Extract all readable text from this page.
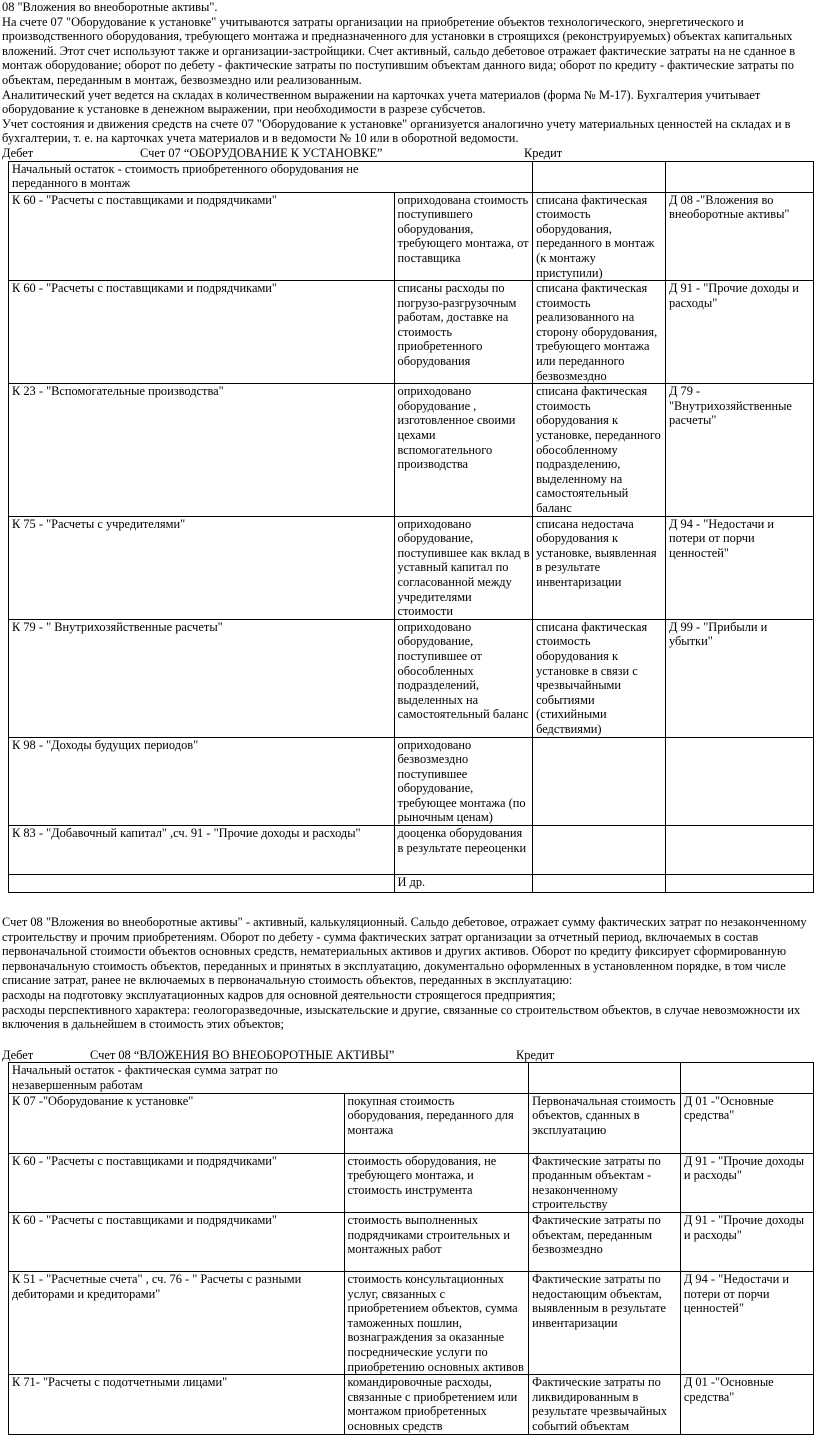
08 "Вложения во внеоборотные активы".

На счете 07 "Оборудование к установке" учитываются затраты организации на приобретение объектов технологического, энергетического и производственного оборудования, требующего монтажа и предназначенного для установки в строящихся (реконструируемых) объектах капитальных вложений. Этот счет используют также и организации-застройщики. Счет активный, сальдо дебетовое отражает фактические затраты на не сданное в монтаж оборудование; оборот по дебету - фактические затраты по поступившим объектам данного вида; оборот по кредиту - фактические затраты по объектам, переданным в монтаж, безвозмездно или реализованным.

Аналитический учет ведется на складах в количественном выражении на карточках учета материалов (форма № М-17). Бухгалтерия учитывает оборудование к установке в денежном выражении, при необходимости в разрезе субсчетов.

Учет состояния и движения средств на счете 07 "Оборудование к установке" организуется аналогично учету материальных ценностей на складах и в бухгалтерии, т. е. на карточках учета материалов и в ведомости № 10 или в оборотной ведомости.

Дебет	Счет 07 “ОБОРУДОВАНИЕ К УСТАНОВКЕ”	Кредит
Начальный остаток - стоимость приобретенного оборудования не переданного в монтаж			

К 60 - "Расчеты с поставщиками и подрядчиками"	оприходована стоимость поступившего оборудования, требующего монтажа, от поставщика	списана фактическая стоимость оборудования, переданного в монтаж (к монтажу приступили)	Д 08 -"Вложения во внеоборотные активы"
К 60 - "Расчеты с поставщиками и подрядчиками"	списаны расходы по погрузо-разгрузочным работам, доставке на стоимость приобретенного оборудования	списана фактическая стоимость реализованного на сторону оборудования, требующего монтажа или переданного безвозмездно	Д 91 - "Прочие доходы и расходы"
К 23 - "Вспомогательные производства"	оприходовано оборудование , изготовленное своими цехами вспомогательного производства	списана фактическая стоимость оборудования к установке, переданного обособленному подразделению, выделенному на самостоятельный баланс	Д 79 - "Внутрихозяйственные расчеты"
К 75 - "Расчеты с учредителями"	оприходовано оборудование, поступившее как вклад в уставный капитал по согласованной между учредителями стоимости	списана недостача оборудования к установке, выявленная в результате инвентаризации	Д 94 - "Недостачи и потери от порчи ценностей"
К 79 - " Внутрихозяйственные расчеты"	оприходовано оборудование, поступившее от обособленных подразделений, выделенных на самостоятельный баланс	списана фактическая стоимость оборудования к установке в связи с чрезвычайными событиями (стихийными бедствиями)	Д 99 - "Прибыли и убытки"
К 98 - "Доходы будущих периодов"	оприходовано безвозмездно поступившее оборудование, требующее монтажа (по рыночным ценам)		
К 83 - "Добавочный капитал" ,сч. 91 - "Прочие доходы и расходы"	дооценка оборудования в результате переоценки		
	И др.		

Счет 08 "Вложения во внеоборотные активы" - активный, калькуляционный. Сальдо дебетовое, отражает сумму фактических затрат по незаконченному строительству и прочим приобретениям. Оборот по дебету - сумма фактических затрат организации за отчетный период, включаемых в состав первоначальной стоимости объектов основных средств, нематериальных активов и других активов. Оборот по кредиту фиксирует сформированную первоначальную стоимость объектов, переданных и принятых в эксплуатацию, документально оформленных в установленном порядке, в том числе списание затрат, ранее не включаемых в первоначальную стоимость объектов, переданных в эксплуатацию:

расходы на подготовку эксплуатационных кадров для основной деятельности строящегося предприятия;

расходы перспективного характера: геологоразведочные, изыскательские и другие, связанные со строительством объектов, в случае невозможности их включения в дальнейшем в стоимость этих объектов;

Дебет	Счет 08 “ВЛОЖЕНИЯ ВО ВНЕОБОРОТНЫЕ АКТИВЫ”	Кредит
Начальный остаток - фактическая сумма затрат по незавершенным работам			

К 07 -"Оборудование к установке"	покупная стоимость оборудования, переданного для монтажа	Первоначальная стоимость объектов, сданных в эксплуатацию	Д 01 -"Основные средства"
К 60 - "Расчеты с поставщиками и подрядчиками"	стоимость оборудования, не требующего монтажа, и стоимость инструмента	Фактические затраты по проданным объектам - незаконченному строительству	Д 91 - "Прочие доходы и расходы"
К 60 - "Расчеты с поставщиками и подрядчиками"	стоимость выполненных подрядчиками строительных и монтажных работ	Фактические затраты по объектам, переданным безвозмездно	Д 91 - "Прочие доходы и расходы"
К 51 - "Расчетные счета" , сч. 76 - " Расчеты с разными дебиторами и кредиторами"	стоимость консультационных услуг, связанных с приобретением объектов, сумма таможенных пошлин, вознаграждения за оказанные посреднические услуги по приобретению основных активов	Фактические затраты по недостающим объектам, выявленным в результате инвентаризации	Д 94 - "Недостачи и потери от порчи ценностей"
К 71- "Расчеты с подотчетными лицами"	командировочные расходы, связанные с приобретением или монтажом приобретенных основных средств	Фактические затраты по ликвидированным в результате чрезвычайных событий объектам	Д 01 -"Основные средства"
